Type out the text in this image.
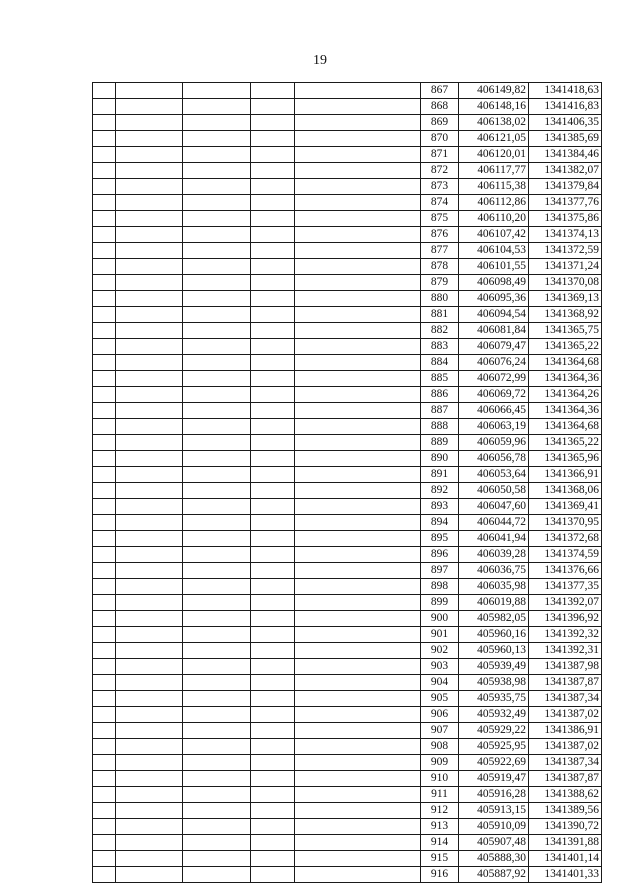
19
					867	406149,82	1341418,63
					868	406148,16	1341416,83
					869	406138,02	1341406,35
					870	406121,05	1341385,69
					871	406120,01	1341384,46
					872	406117,77	1341382,07
					873	406115,38	1341379,84
					874	406112,86	1341377,76
					875	406110,20	1341375,86
					876	406107,42	1341374,13
					877	406104,53	1341372,59
					878	406101,55	1341371,24
					879	406098,49	1341370,08
					880	406095,36	1341369,13
					881	406094,54	1341368,92
					882	406081,84	1341365,75
					883	406079,47	1341365,22
					884	406076,24	1341364,68
					885	406072,99	1341364,36
					886	406069,72	1341364,26
					887	406066,45	1341364,36
					888	406063,19	1341364,68
					889	406059,96	1341365,22
					890	406056,78	1341365,96
					891	406053,64	1341366,91
					892	406050,58	1341368,06
					893	406047,60	1341369,41
					894	406044,72	1341370,95
					895	406041,94	1341372,68
					896	406039,28	1341374,59
					897	406036,75	1341376,66
					898	406035,98	1341377,35
					899	406019,88	1341392,07
					900	405982,05	1341396,92
					901	405960,16	1341392,32
					902	405960,13	1341392,31
					903	405939,49	1341387,98
					904	405938,98	1341387,87
					905	405935,75	1341387,34
					906	405932,49	1341387,02
					907	405929,22	1341386,91
					908	405925,95	1341387,02
					909	405922,69	1341387,34
					910	405919,47	1341387,87
					911	405916,28	1341388,62
					912	405913,15	1341389,56
					913	405910,09	1341390,72
					914	405907,48	1341391,88
					915	405888,30	1341401,14
					916	405887,92	1341401,33
